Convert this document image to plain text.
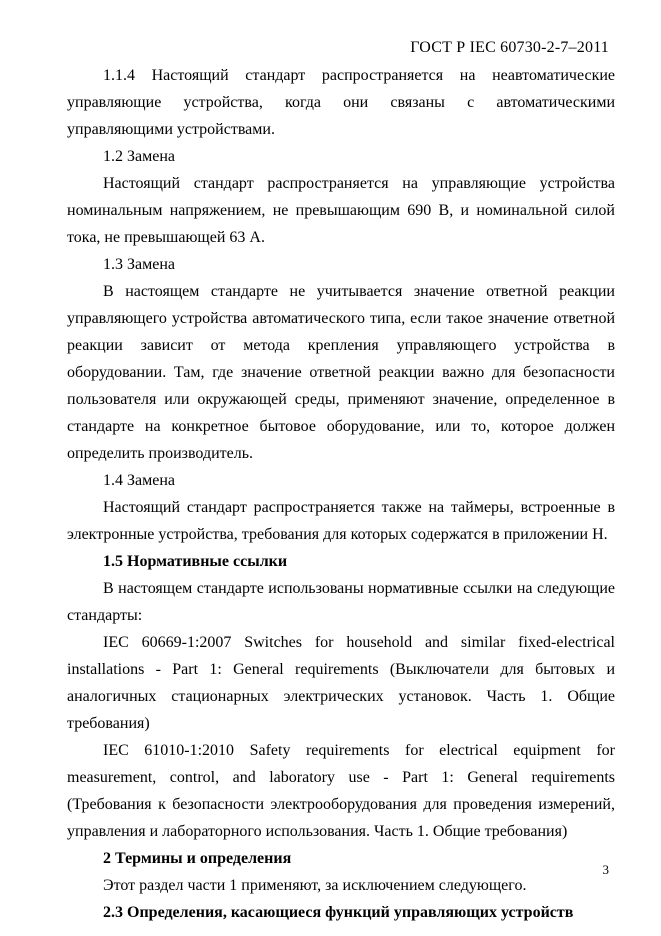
ГОСТ Р IEC 60730-2-7–2011

1.1.4 Настоящий стандарт распространяется на неавтоматические управляющие устройства, когда они связаны с автоматическими управляющими устройствами.

1.2 Замена

Настоящий стандарт распространяется на управляющие устройства номинальным напряжением, не превышающим 690 В, и номинальной силой тока, не превышающей 63 А.

1.3 Замена

В настоящем стандарте не учитывается значение ответной реакции управляющего устройства автоматического типа, если такое значение ответной реакции зависит от метода крепления управляющего устройства в оборудовании. Там, где значение ответной реакции важно для безопасности пользователя или окружающей среды, применяют значение, определенное в стандарте на конкретное бытовое оборудование, или то, которое должен определить производитель.

1.4 Замена

Настоящий стандарт распространяется также на таймеры, встроенные в электронные устройства, требования для которых содержатся в приложении Н.

1.5 Нормативные ссылки

В настоящем стандарте использованы нормативные ссылки на следующие стандарты:

IEC 60669-1:2007 Switches for household and similar fixed-electrical installations - Part 1: General requirements (Выключатели для бытовых и аналогичных стационарных электрических установок. Часть 1. Общие требования)

IEC 61010-1:2010 Safety requirements for electrical equipment for measurement, control, and laboratory use - Part 1: General requirements (Требования к безопасности электрооборудования для проведения измерений, управления и лабораторного использования. Часть 1. Общие требования)

2 Термины и определения

Этот раздел части 1 применяют, за исключением следующего.

2.3 Определения, касающиеся функций управляющих устройств

3
